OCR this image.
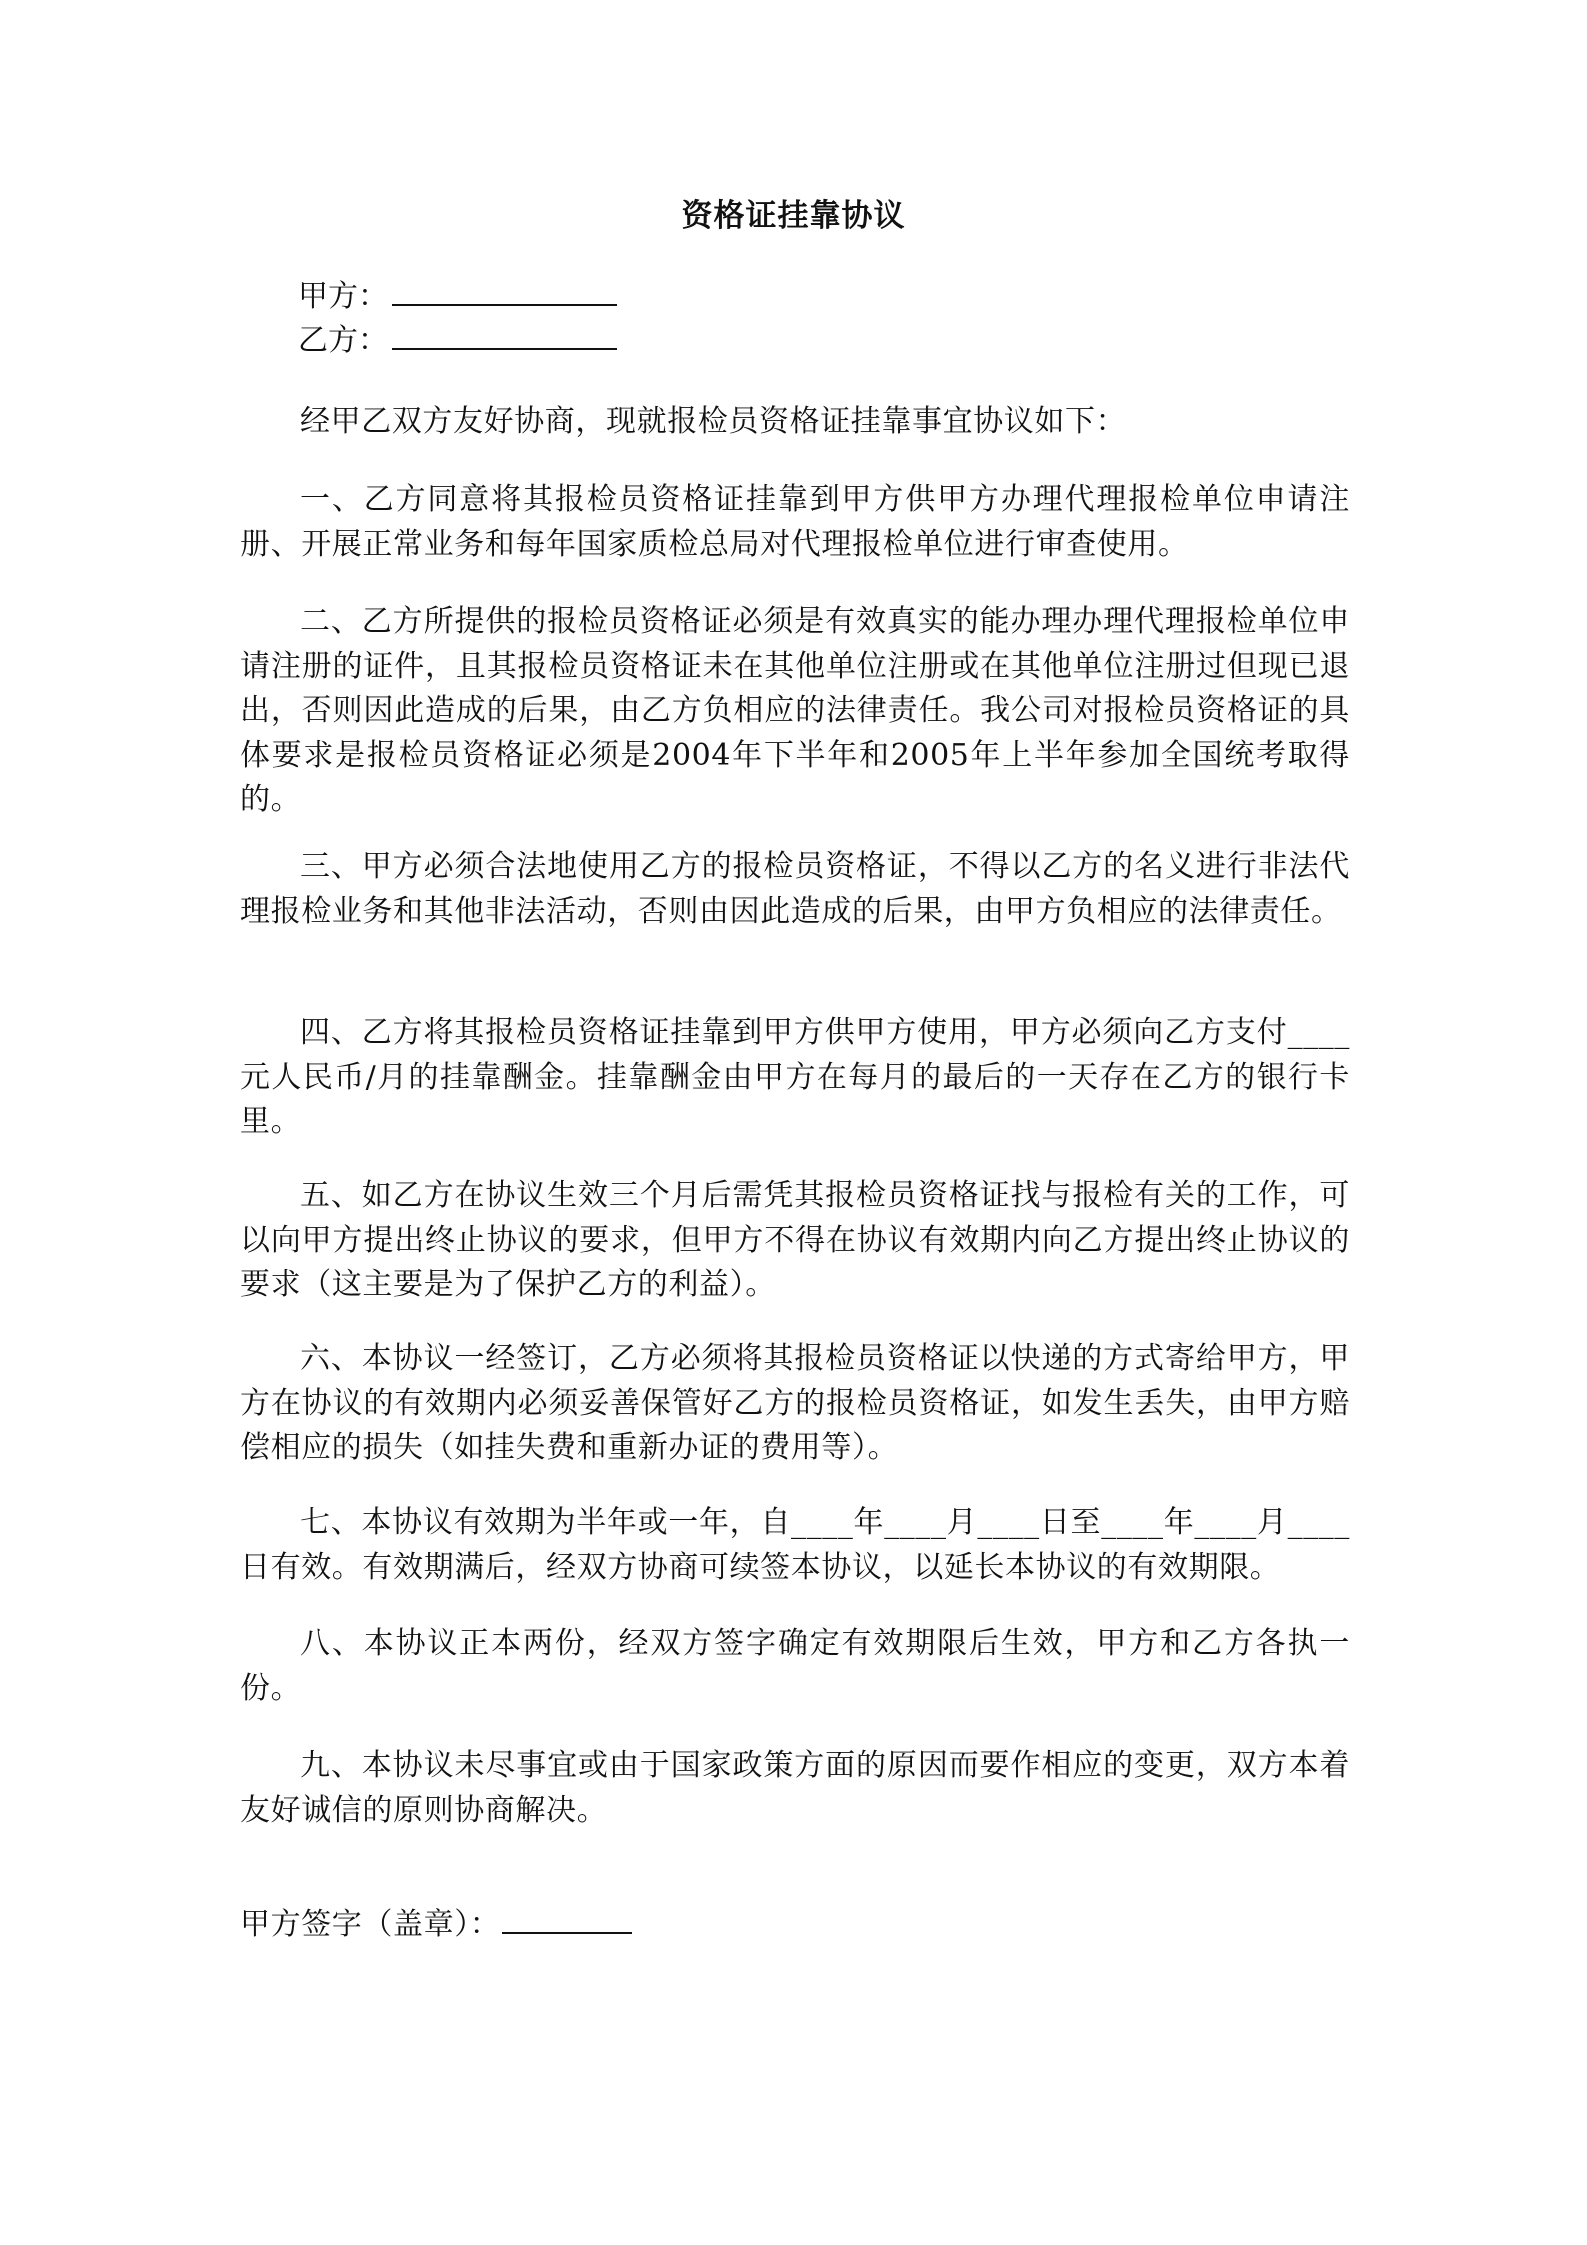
资格证挂靠协议
甲方：
乙方：

经甲乙双方友好协商，现就报检员资格证挂靠事宜协议如下：

一、乙方同意将其报检员资格证挂靠到甲方供甲方办理代理报检单位申请注册、开展正常业务和每年国家质检总局对代理报检单位进行审查使用。

二、乙方所提供的报检员资格证必须是有效真实的能办理办理代理报检单位申请注册的证件，且其报检员资格证未在其他单位注册或在其他单位注册过但现已退出，否则因此造成的后果，由乙方负相应的法律责任。我公司对报检员资格证的具体要求是报检员资格证必须是2004年下半年和2005年上半年参加全国统考取得的。

三、甲方必须合法地使用乙方的报检员资格证，不得以乙方的名义进行非法代理报检业务和其他非法活动，否则由因此造成的后果，由甲方负相应的法律责任。

四、乙方将其报检员资格证挂靠到甲方供甲方使用，甲方必须向乙方支付____元人民币/月的挂靠酬金。挂靠酬金由甲方在每月的最后的一天存在乙方的银行卡里。

五、如乙方在协议生效三个月后需凭其报检员资格证找与报检有关的工作，可以向甲方提出终止协议的要求，但甲方不得在协议有效期内向乙方提出终止协议的要求（这主要是为了保护乙方的利益）。

六、本协议一经签订，乙方必须将其报检员资格证以快递的方式寄给甲方，甲方在协议的有效期内必须妥善保管好乙方的报检员资格证，如发生丢失，由甲方赔偿相应的损失（如挂失费和重新办证的费用等）。

七、本协议有效期为半年或一年，自____年____月____日至____年____月____日有效。有效期满后，经双方协商可续签本协议，以延长本协议的有效期限。

八、本协议正本两份，经双方签字确定有效期限后生效，甲方和乙方各执一份。

九、本协议未尽事宜或由于国家政策方面的原因而要作相应的变更，双方本着友好诚信的原则协商解决。

甲方签字（盖章）：
